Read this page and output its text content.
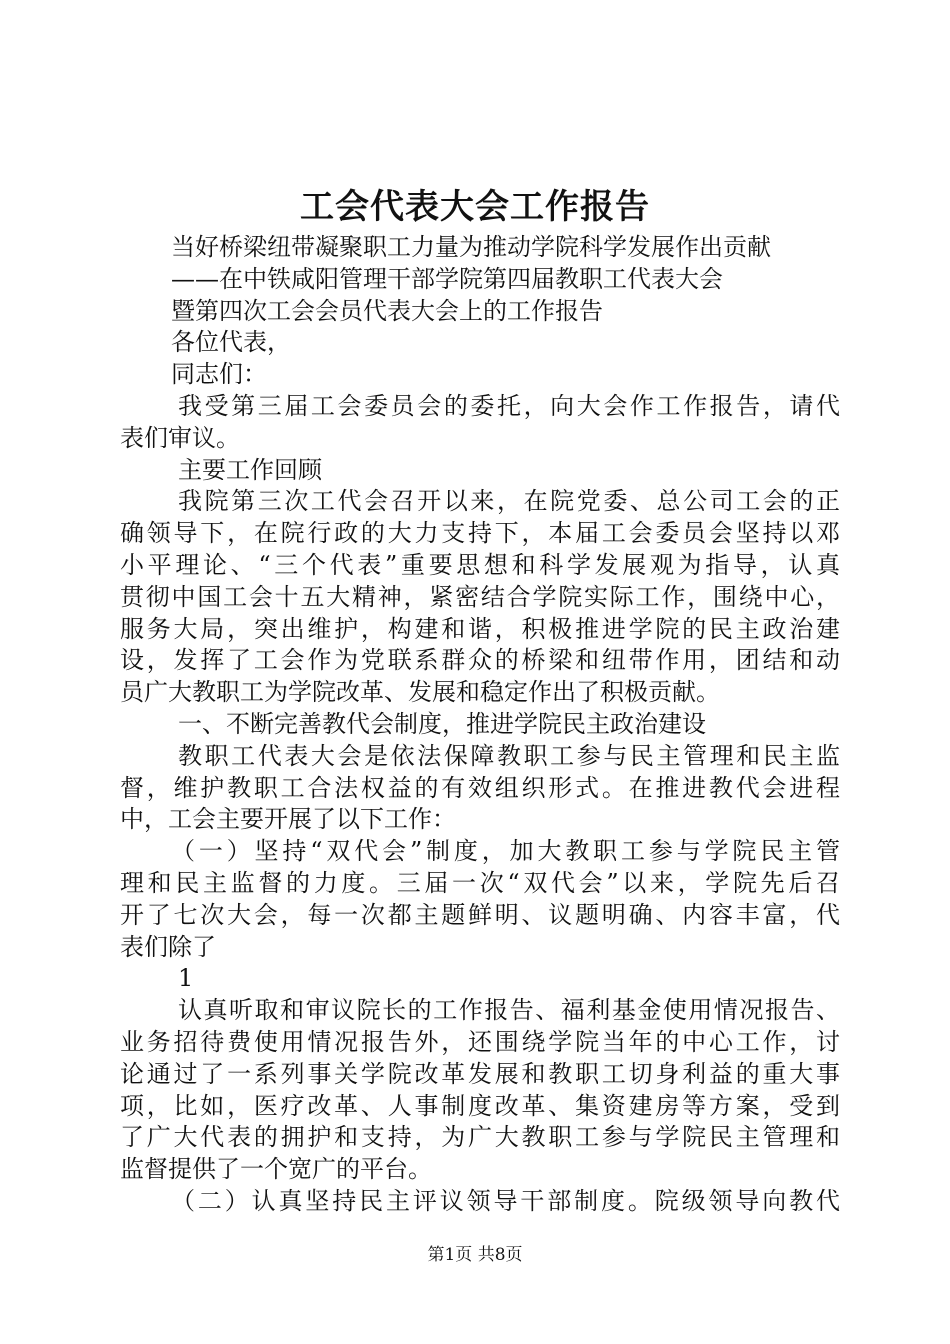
工会代表大会工作报告
当好桥梁纽带凝聚职工力量为推动学院科学发展作出贡献
——在中铁咸阳管理干部学院第四届教职工代表大会
暨第四次工会会员代表大会上的工作报告
各位代表，
同志们：
我受第三届工会委员会的委托，向大会作工作报告，请代
表们审议。
主要工作回顾
我院第三次工代会召开以来，在院党委、总公司工会的正
确领导下，在院行政的大力支持下，本届工会委员会坚持以邓
小平理论、“三个代表”重要思想和科学发展观为指导，认真
贯彻中国工会十五大精神，紧密结合学院实际工作，围绕中心，
服务大局，突出维护，构建和谐，积极推进学院的民主政治建
设，发挥了工会作为党联系群众的桥梁和纽带作用，团结和动
员广大教职工为学院改革、发展和稳定作出了积极贡献。
一、不断完善教代会制度，推进学院民主政治建设
教职工代表大会是依法保障教职工参与民主管理和民主监
督，维护教职工合法权益的有效组织形式。在推进教代会进程
中，工会主要开展了以下工作：
（一）坚持“双代会”制度，加大教职工参与学院民主管
理和民主监督的力度。三届一次“双代会”以来，学院先后召
开了七次大会，每一次都主题鲜明、议题明确、内容丰富，代
表们除了
1
认真听取和审议院长的工作报告、福利基金使用情况报告、
业务招待费使用情况报告外，还围绕学院当年的中心工作，讨
论通过了一系列事关学院改革发展和教职工切身利益的重大事
项，比如，医疗改革、人事制度改革、集资建房等方案，受到
了广大代表的拥护和支持，为广大教职工参与学院民主管理和
监督提供了一个宽广的平台。
（二）认真坚持民主评议领导干部制度。院级领导向教代
第1页 共8页
